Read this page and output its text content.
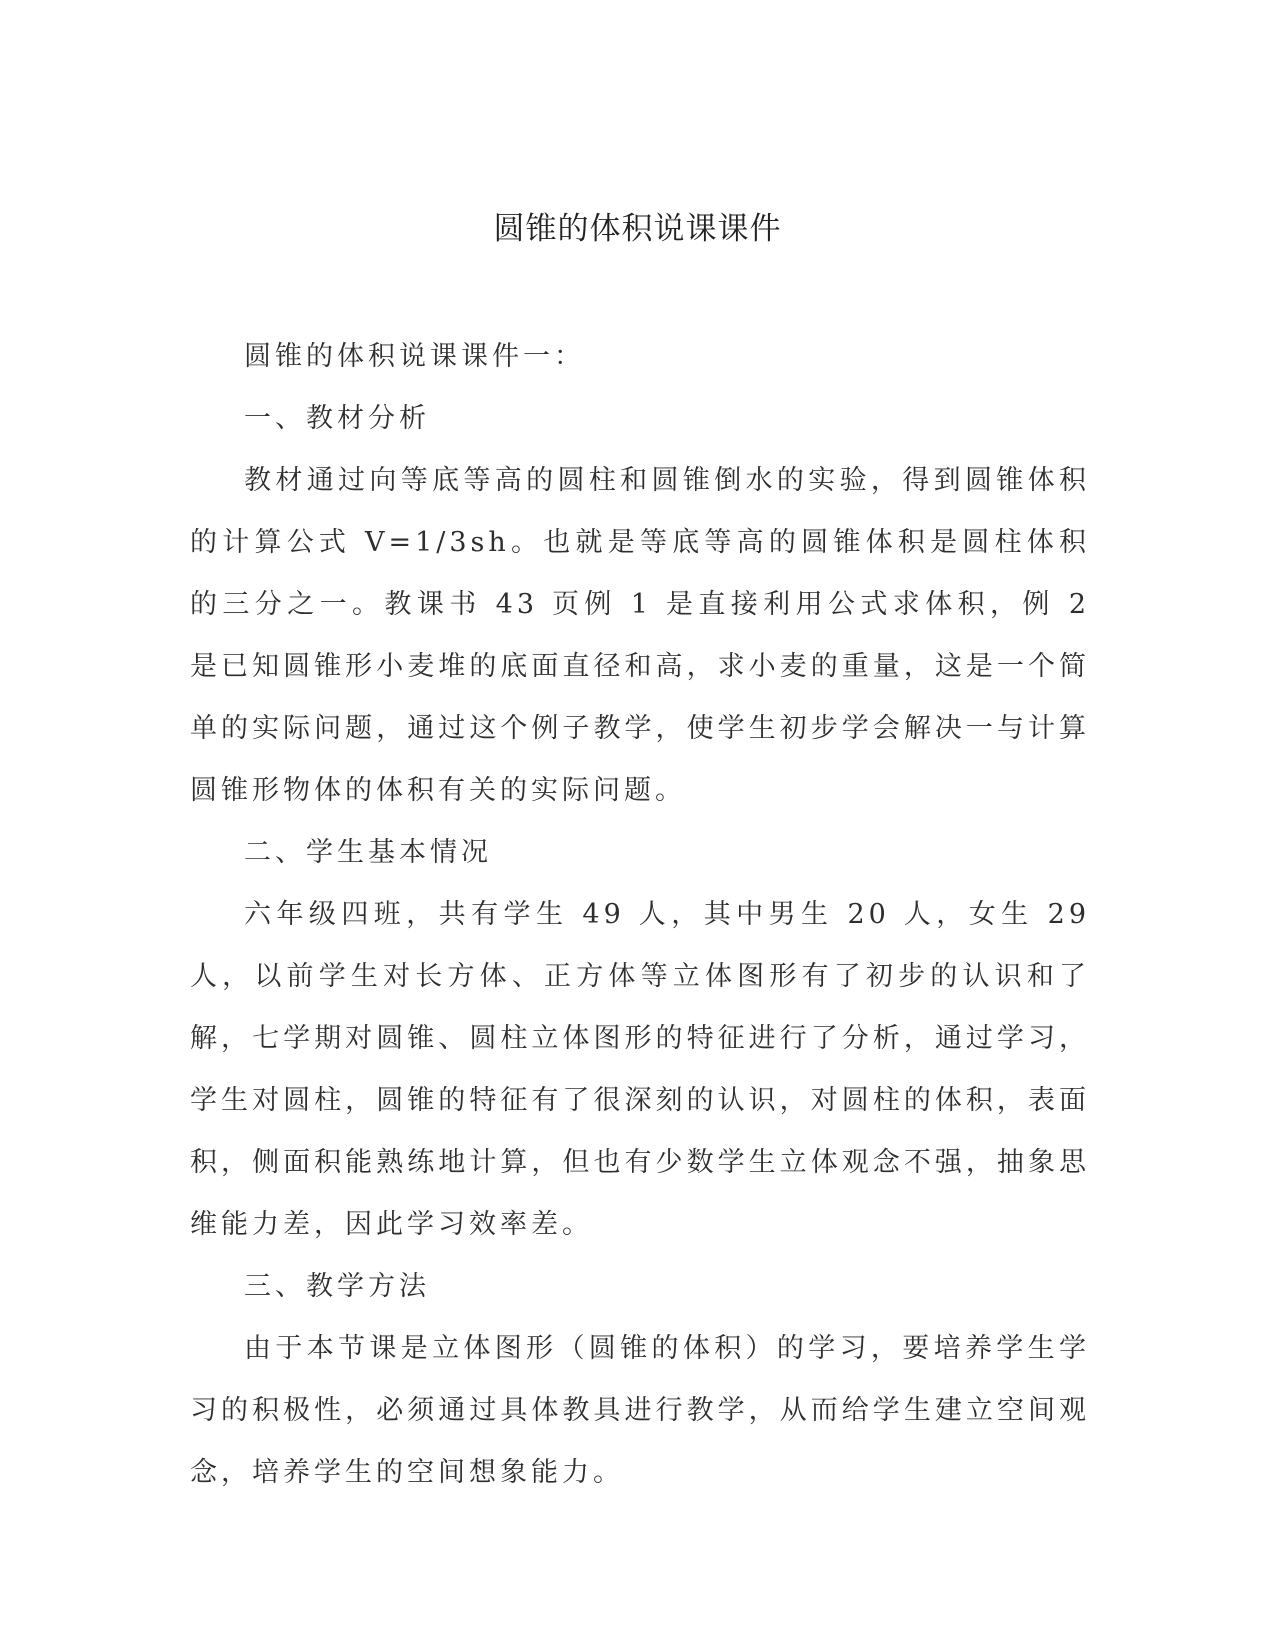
圆锥的体积说课课件

圆锥的体积说课课件一：

一、教材分析

教材通过向等底等高的圆柱和圆锥倒水的实验，得到圆锥体积的计算公式 V=1/3sh。也就是等底等高的圆锥体积是圆柱体积的三分之一。教课书 43 页例 1 是直接利用公式求体积，例 2 是已知圆锥形小麦堆的底面直径和高，求小麦的重量，这是一个简单的实际问题，通过这个例子教学，使学生初步学会解决一与计算圆锥形物体的体积有关的实际问题。

二、学生基本情况

六年级四班，共有学生 49 人，其中男生 20 人，女生 29 人，以前学生对长方体、正方体等立体图形有了初步的认识和了解，七学期对圆锥、圆柱立体图形的特征进行了分析，通过学习，学生对圆柱，圆锥的特征有了很深刻的认识，对圆柱的体积，表面积，侧面积能熟练地计算，但也有少数学生立体观念不强，抽象思维能力差，因此学习效率差。

三、教学方法

由于本节课是立体图形（圆锥的体积）的学习，要培养学生学习的积极性，必须通过具体教具进行教学，从而给学生建立空间观念，培养学生的空间想象能力。
